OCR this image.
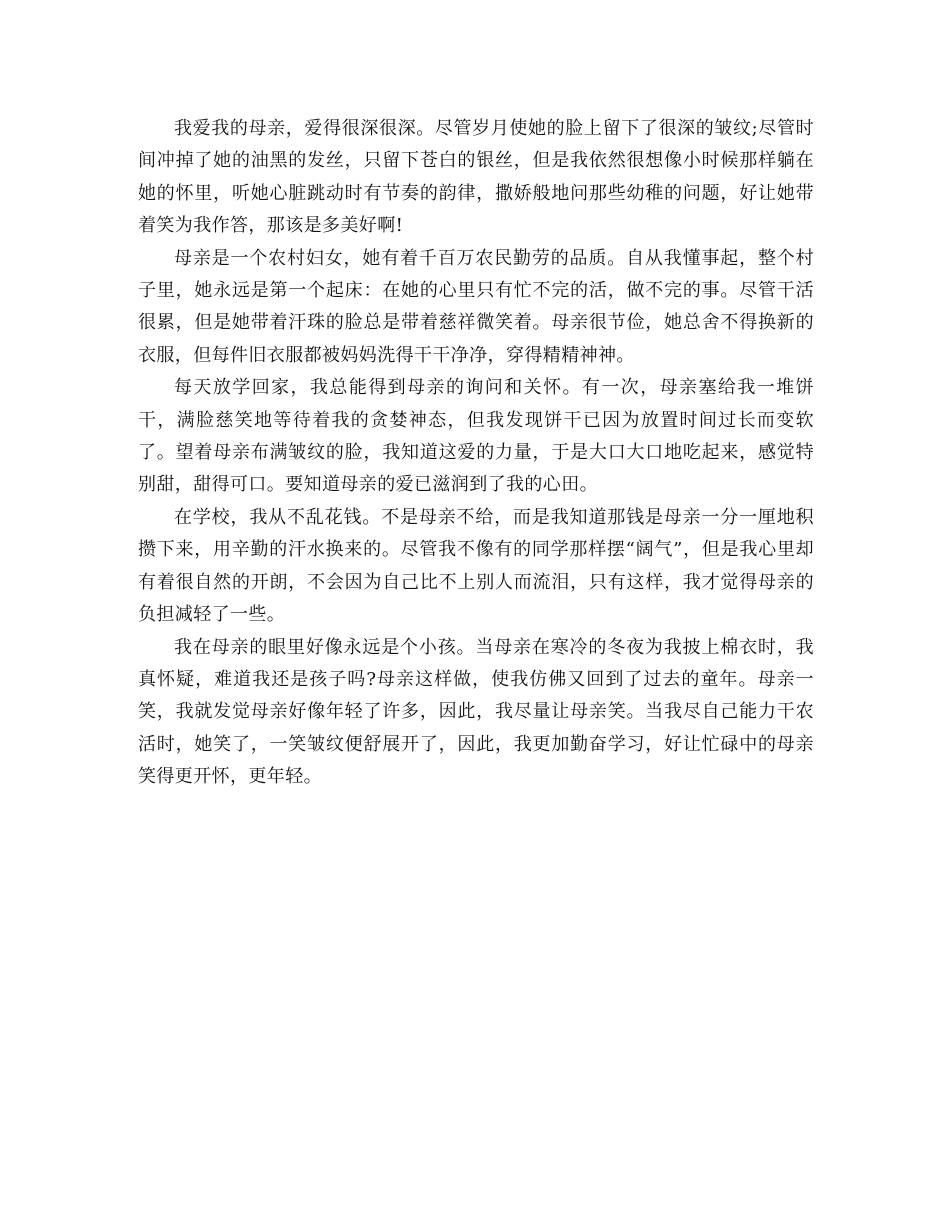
我爱我的母亲，爱得很深很深。尽管岁月使她的脸上留下了很深的皱纹;尽管时间冲掉了她的油黑的发丝，只留下苍白的银丝，但是我依然很想像小时候那样躺在她的怀里，听她心脏跳动时有节奏的韵律，撒娇般地问那些幼稚的问题，好让她带着笑为我作答，那该是多美好啊!

母亲是一个农村妇女，她有着千百万农民勤劳的品质。自从我懂事起，整个村子里，她永远是第一个起床：在她的心里只有忙不完的活，做不完的事。尽管干活很累，但是她带着汗珠的脸总是带着慈祥微笑着。母亲很节俭，她总舍不得换新的衣服，但每件旧衣服都被妈妈洗得干干净净，穿得精精神神。

每天放学回家，我总能得到母亲的询问和关怀。有一次，母亲塞给我一堆饼干，满脸慈笑地等待着我的贪婪神态，但我发现饼干已因为放置时间过长而变软了。望着母亲布满皱纹的脸，我知道这爱的力量，于是大口大口地吃起来，感觉特别甜，甜得可口。要知道母亲的爱已滋润到了我的心田。

在学校，我从不乱花钱。不是母亲不给，而是我知道那钱是母亲一分一厘地积攒下来，用辛勤的汗水换来的。尽管我不像有的同学那样摆“阔气”，但是我心里却有着很自然的开朗，不会因为自己比不上别人而流泪，只有这样，我才觉得母亲的负担减轻了一些。

我在母亲的眼里好像永远是个小孩。当母亲在寒冷的冬夜为我披上棉衣时，我真怀疑，难道我还是孩子吗?母亲这样做，使我仿佛又回到了过去的童年。母亲一笑，我就发觉母亲好像年轻了许多，因此，我尽量让母亲笑。当我尽自己能力干农活时，她笑了，一笑皱纹便舒展开了，因此，我更加勤奋学习，好让忙碌中的母亲笑得更开怀，更年轻。
